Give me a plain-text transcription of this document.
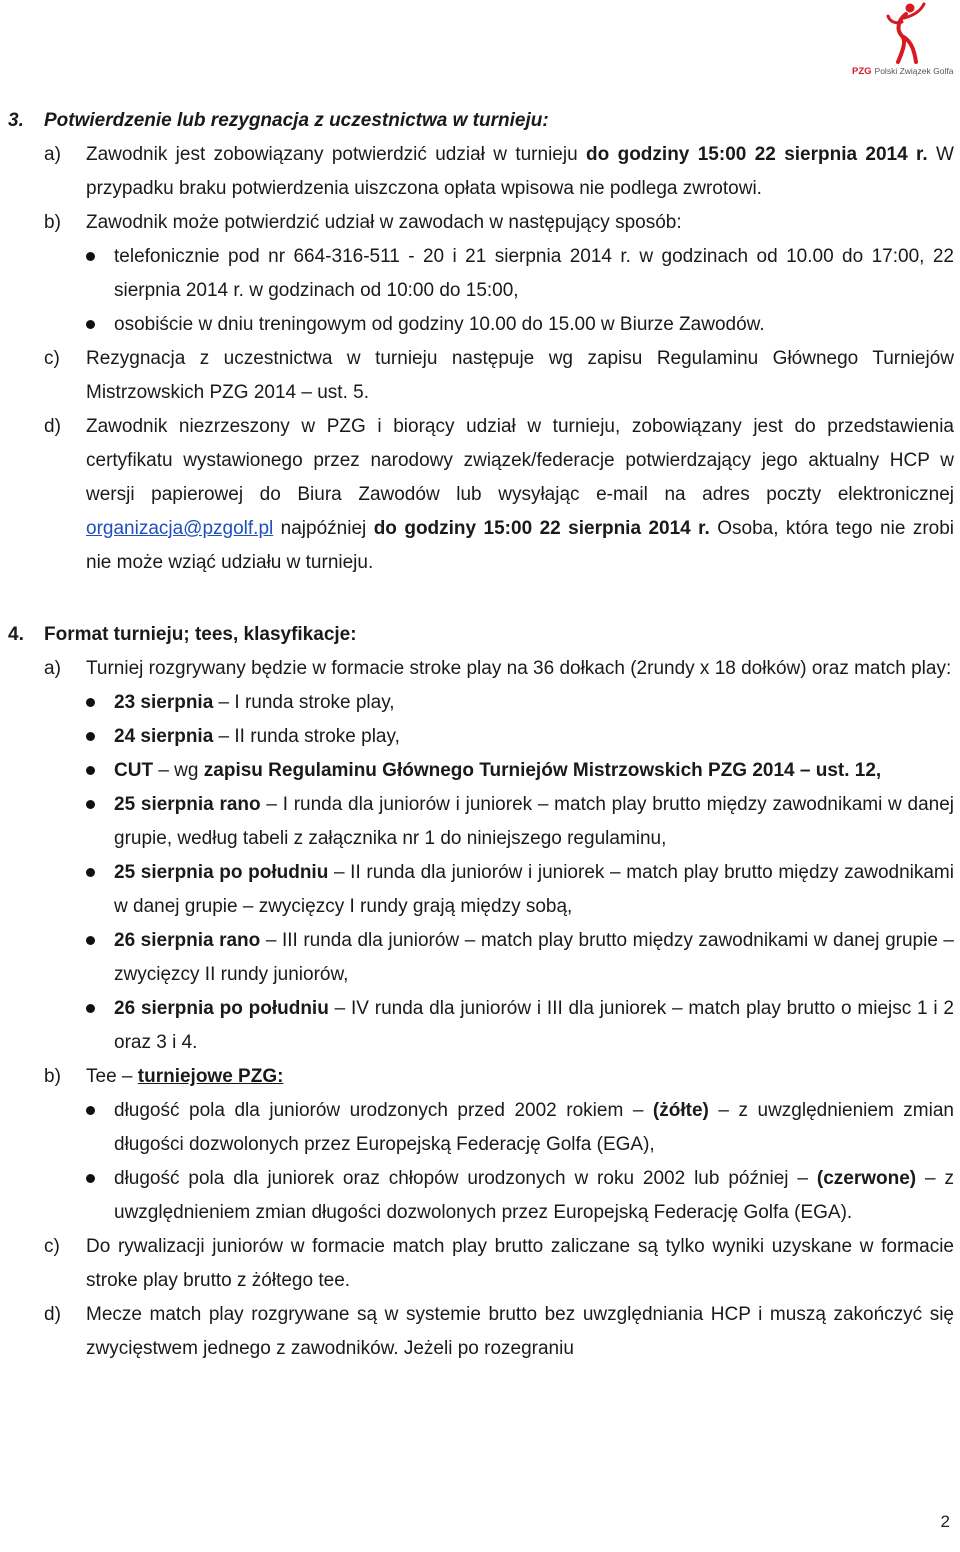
PZG Polski Związek Golfa
3.	Potwierdzenie lub rezygnacja z uczestnictwa w turnieju:
a)	Zawodnik jest zobowiązany potwierdzić udział w turnieju do godziny 15:00 22 sierpnia 2014 r. W przypadku braku potwierdzenia uiszczona opłata wpisowa nie podlega zwrotowi.
b)	Zawodnik może potwierdzić udział w zawodach w następujący sposób:
telefonicznie pod nr 664-316-511 - 20 i 21 sierpnia 2014 r. w godzinach od 10.00 do 17:00, 22 sierpnia 2014 r. w godzinach od 10:00 do 15:00,
osobiście w dniu treningowym od godziny 10.00 do 15.00 w Biurze Zawodów.
c)	Rezygnacja z uczestnictwa w turnieju następuje wg zapisu Regulaminu Głównego Turniejów Mistrzowskich PZG 2014 – ust. 5.
d)	Zawodnik niezrzeszony w PZG i biorący udział w turnieju, zobowiązany jest do przedstawienia certyfikatu wystawionego przez narodowy związek/federacje potwierdzający jego aktualny HCP w wersji papierowej do Biura Zawodów lub wysyłając e-mail na adres poczty elektronicznej organizacja@pzgolf.pl najpóźniej do godziny 15:00 22 sierpnia 2014 r. Osoba, która tego nie zrobi nie może wziąć udziału w turnieju.
4.	Format turnieju; tees, klasyfikacje:
a)	Turniej rozgrywany będzie w formacie stroke play na 36 dołkach (2rundy x 18 dołków) oraz match play:
23 sierpnia – I runda stroke play,
24 sierpnia – II runda stroke play,
CUT – wg zapisu Regulaminu Głównego Turniejów Mistrzowskich PZG 2014 – ust. 12,
25 sierpnia rano – I runda dla juniorów i juniorek – match play brutto między zawodnikami w danej grupie, według tabeli z załącznika nr 1 do niniejszego regulaminu,
25 sierpnia po południu – II runda dla juniorów i juniorek – match play brutto między zawodnikami w danej grupie – zwycięzcy I rundy grają między sobą,
26 sierpnia rano – III runda dla juniorów – match play brutto między zawodnikami w danej grupie – zwycięzcy II rundy juniorów,
26 sierpnia po południu – IV runda dla juniorów i III dla juniorek – match play brutto o miejsc 1 i 2 oraz 3 i 4.
b)	Tee – turniejowe PZG:
długość pola dla juniorów urodzonych przed 2002 rokiem – (żółte) – z uwzględnieniem zmian długości dozwolonych przez Europejską Federację Golfa (EGA),
długość pola dla juniorek oraz chłopów urodzonych w roku 2002 lub później – (czerwone) – z uwzględnieniem zmian długości dozwolonych przez Europejską Federację Golfa (EGA).
c)	Do rywalizacji juniorów w formacie match play brutto zaliczane są tylko wyniki uzyskane w formacie stroke play brutto z żółtego tee.
d)	Mecze match play rozgrywane są w systemie brutto bez uwzględniania HCP i muszą zakończyć się zwycięstwem jednego z zawodników. Jeżeli po rozegraniu
2
